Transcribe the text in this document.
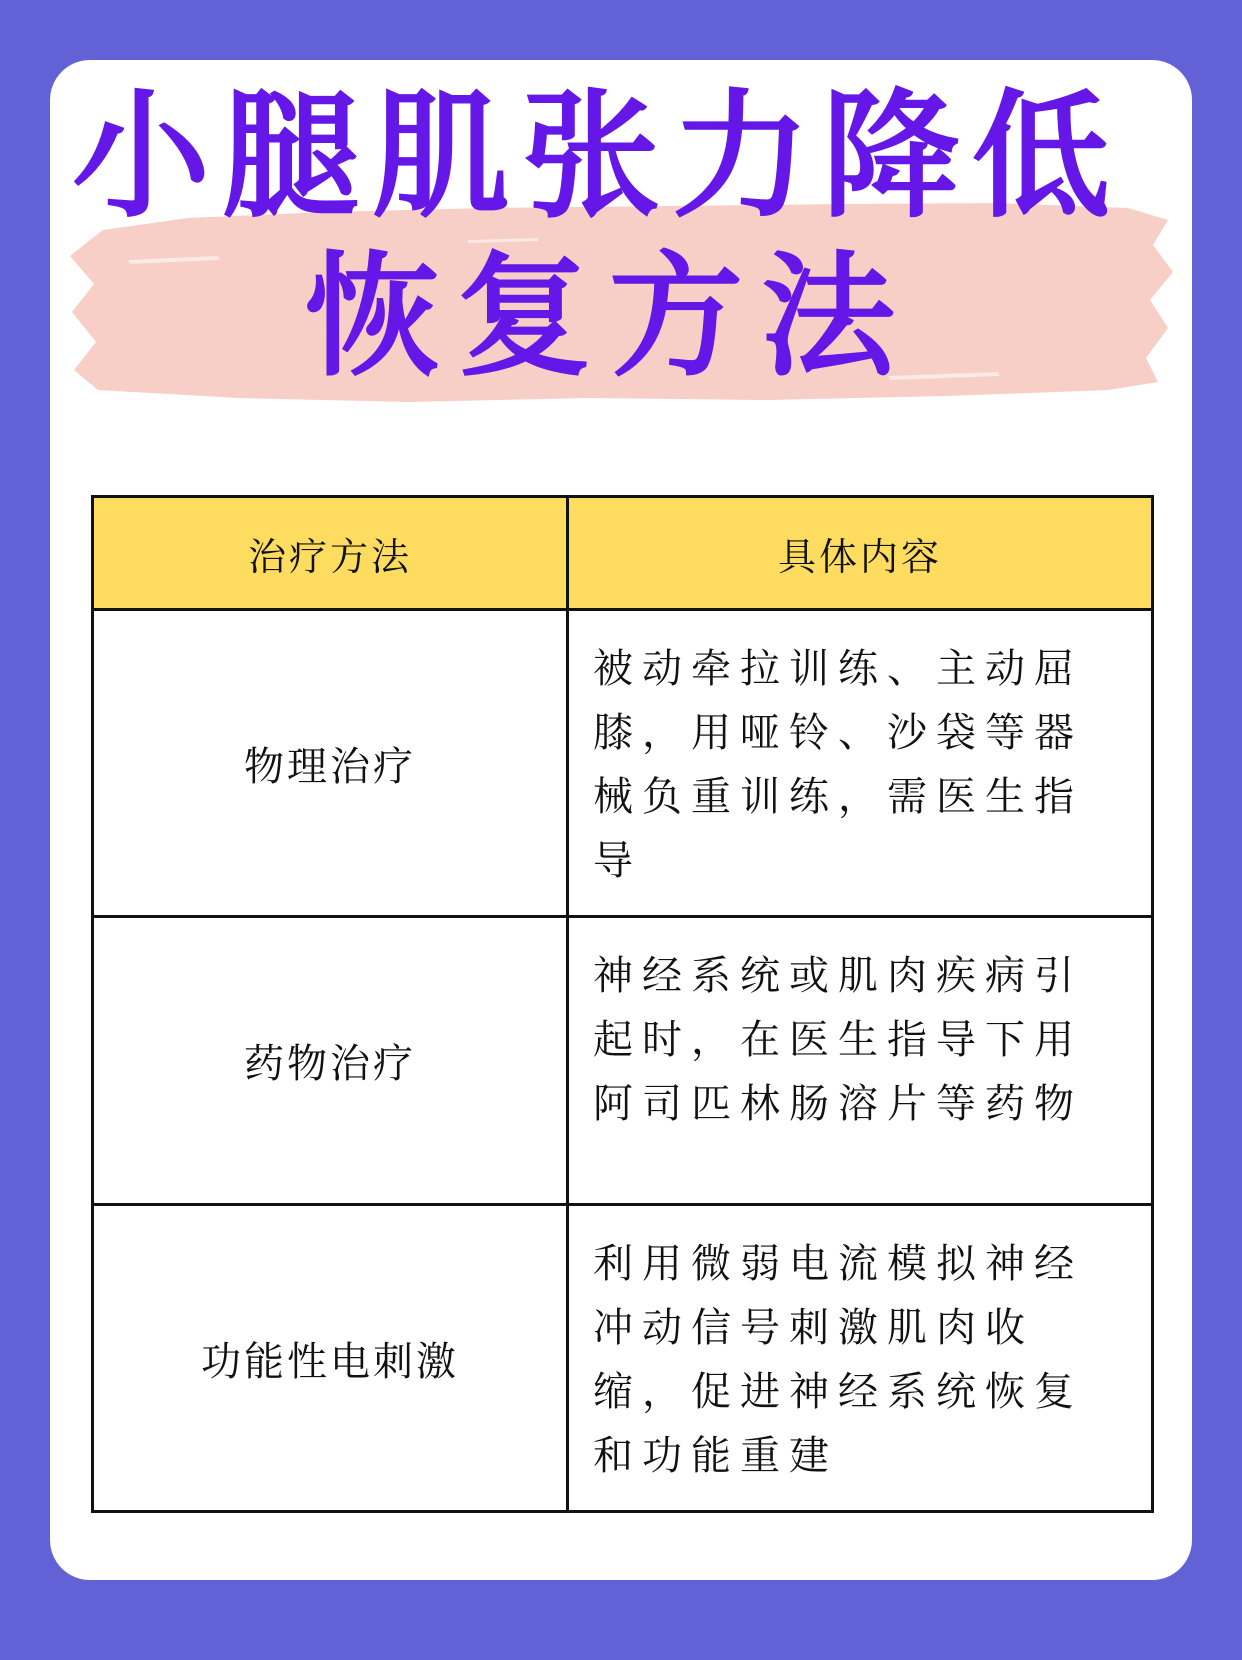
小腿肌张力降低
恢复方法
治疗方法	具体内容
物理治疗	被动牵拉训练、主动屈膝，用哑铃、沙袋等器械负重训练，需医生指导
药物治疗	神经系统或肌肉疾病引起时，在医生指导下用阿司匹林肠溶片等药物
功能性电刺激	利用微弱电流模拟神经冲动信号刺激肌肉收缩，促进神经系统恢复和功能重建
